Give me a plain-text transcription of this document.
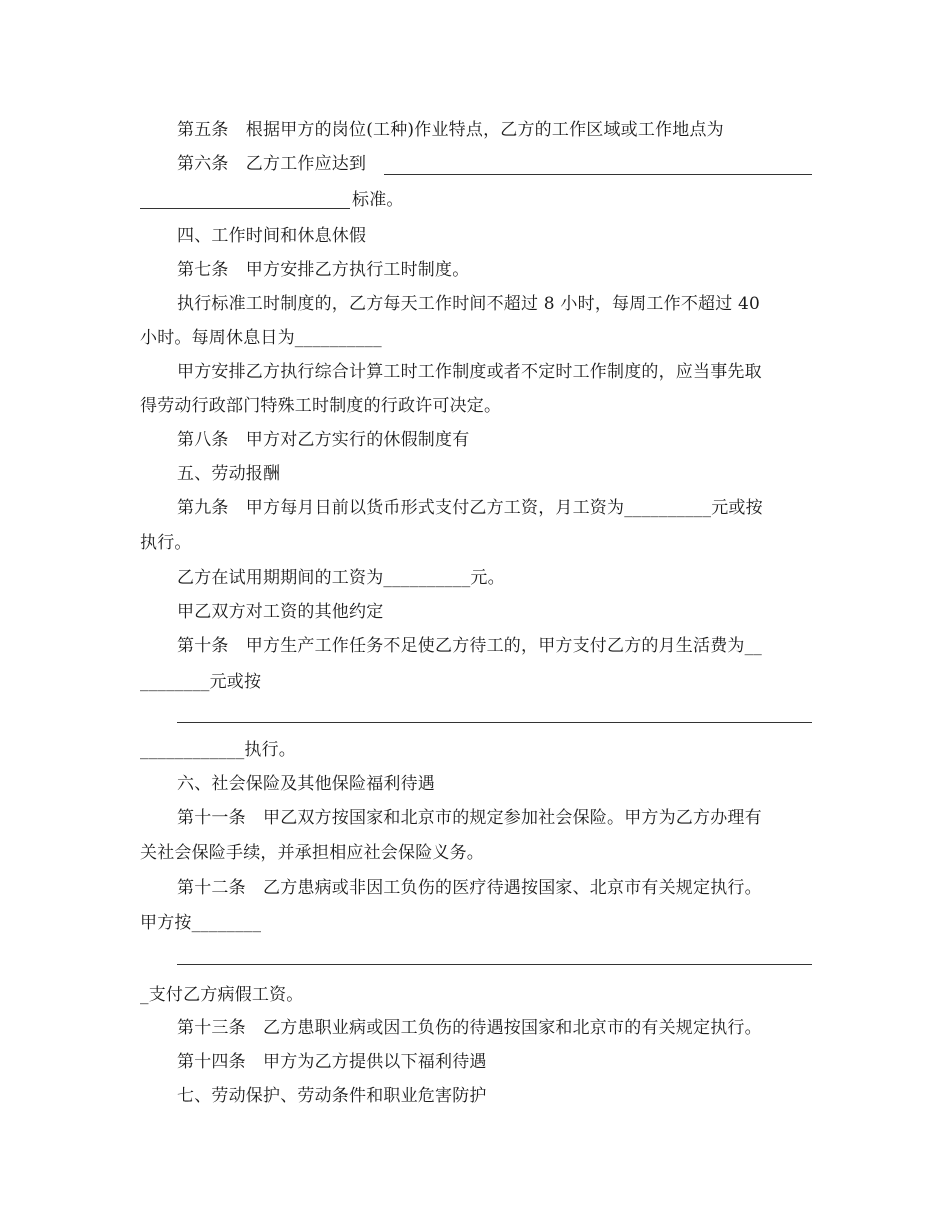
第五条　根据甲方的岗位(工种)作业特点，乙方的工作区域或工作地点为
第六条　乙方工作应达到
标准。
四、工作时间和休息休假
第七条　甲方安排乙方执行工时制度。
执行标准工时制度的，乙方每天工作时间不超过 8 小时，每周工作不超过 40
小时。每周休息日为__________
甲方安排乙方执行综合计算工时工作制度或者不定时工作制度的，应当事先取
得劳动行政部门特殊工时制度的行政许可决定。
第八条　甲方对乙方实行的休假制度有
五、劳动报酬
第九条　甲方每月日前以货币形式支付乙方工资，月工资为__________元或按
执行。
乙方在试用期期间的工资为__________元。
甲乙双方对工资的其他约定
第十条　甲方生产工作任务不足使乙方待工的，甲方支付乙方的月生活费为__
________元或按
____________执行。
六、社会保险及其他保险福利待遇
第十一条　甲乙双方按国家和北京市的规定参加社会保险。甲方为乙方办理有
关社会保险手续，并承担相应社会保险义务。
第十二条　乙方患病或非因工负伤的医疗待遇按国家、北京市有关规定执行。
甲方按________
_支付乙方病假工资。
第十三条　乙方患职业病或因工负伤的待遇按国家和北京市的有关规定执行。
第十四条　甲方为乙方提供以下福利待遇
七、劳动保护、劳动条件和职业危害防护
